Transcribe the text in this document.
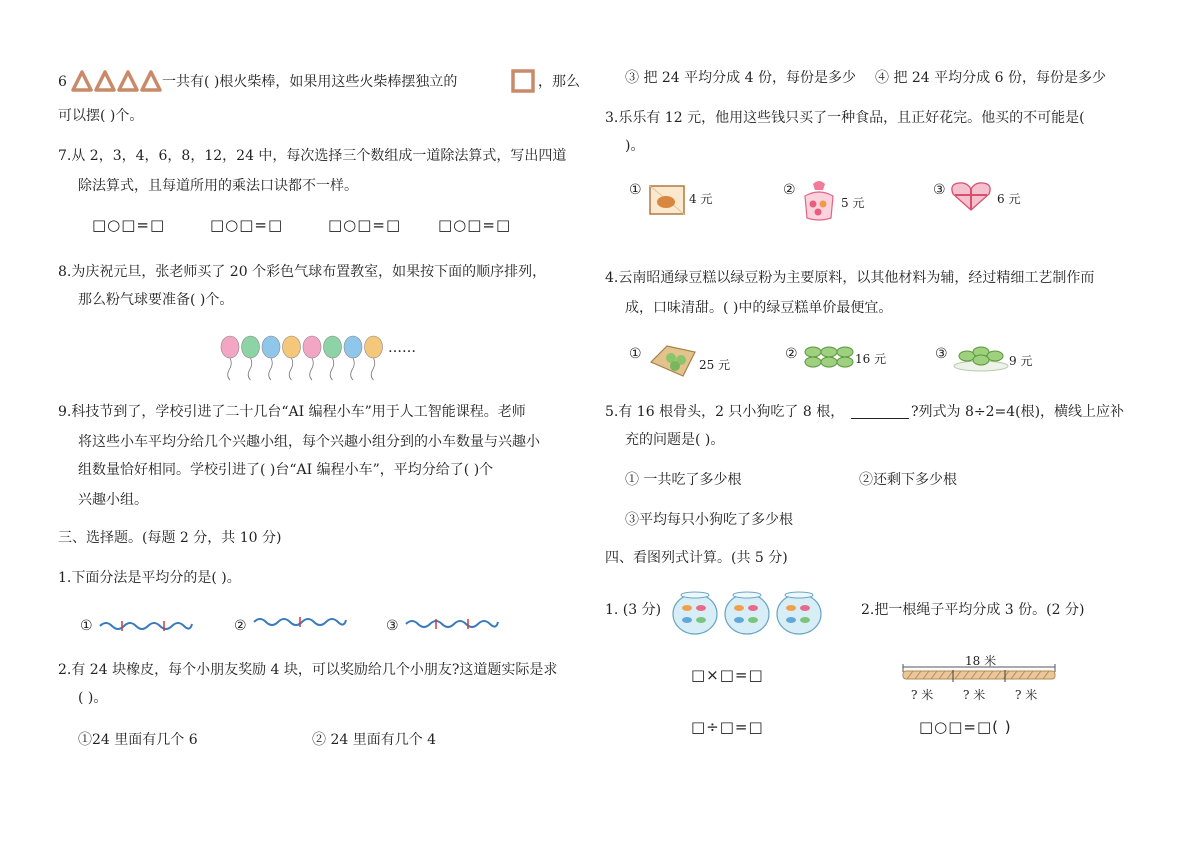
6	一共有( )根火柴棒，如果用这些火柴棒摆独立的	，那么
可以摆( )个。
7.从 2，3，4，6，8，12，24 中，每次选择三个数组成一道除法算式，写出四道
除法算式，且每道所用的乘法口诀都不一样。
□○□=□	□○□=□	□○□=□ □○□=□
8.为庆祝元旦，张老师买了 20 个彩色气球布置教室，如果按下面的顺序排列，
那么粉气球要准备( )个。
……
9.科技节到了，学校引进了二十几台“AI 编程小车”用于人工智能课程。老师
将这些小车平均分给几个兴趣小组，每个兴趣小组分到的小车数量与兴趣小
组数量恰好相同。学校引进了( )台“AI 编程小车”，平均分给了( )个
兴趣小组。
三、选择题。(每题 2 分，共 10 分)
1.下面分法是平均分的是( )。
①	②	③
2.有 24 块橡皮，每个小朋友奖励 4 块，可以奖励给几个小朋友?这道题实际是求
( )。
①24 里面有几个 6	② 24 里面有几个 4
③ 把 24 平均分成 4 份，每份是多少 ④ 把 24 平均分成 6 份，每份是多少
3.乐乐有 12 元，他用这些钱只买了一种食品，且正好花完。他买的不可能是(
)。
①
4 元
②
5 元
③
6 元
4.云南昭通绿豆糕以绿豆粉为主要原料，以其他材料为辅，经过精细工艺制作而
成，口味清甜。( )中的绿豆糕单价最便宜。
①
25 元
②	16 元	③	9 元
5.有 16 根骨头，2 只小狗吃了 8 根，	?列式为 8÷2=4(根)，横线上应补
充的问题是( )。
① 一共吃了多少根	②还剩下多少根
③平均每只小狗吃了多少根
四、看图列式计算。(共 5 分)
1. (3 分)	2.把一根绳子平均分成 3 份。(2 分)
□×□=□
□÷□=□
18 米
? 米 ? 米 ? 米
□○□=□( )
